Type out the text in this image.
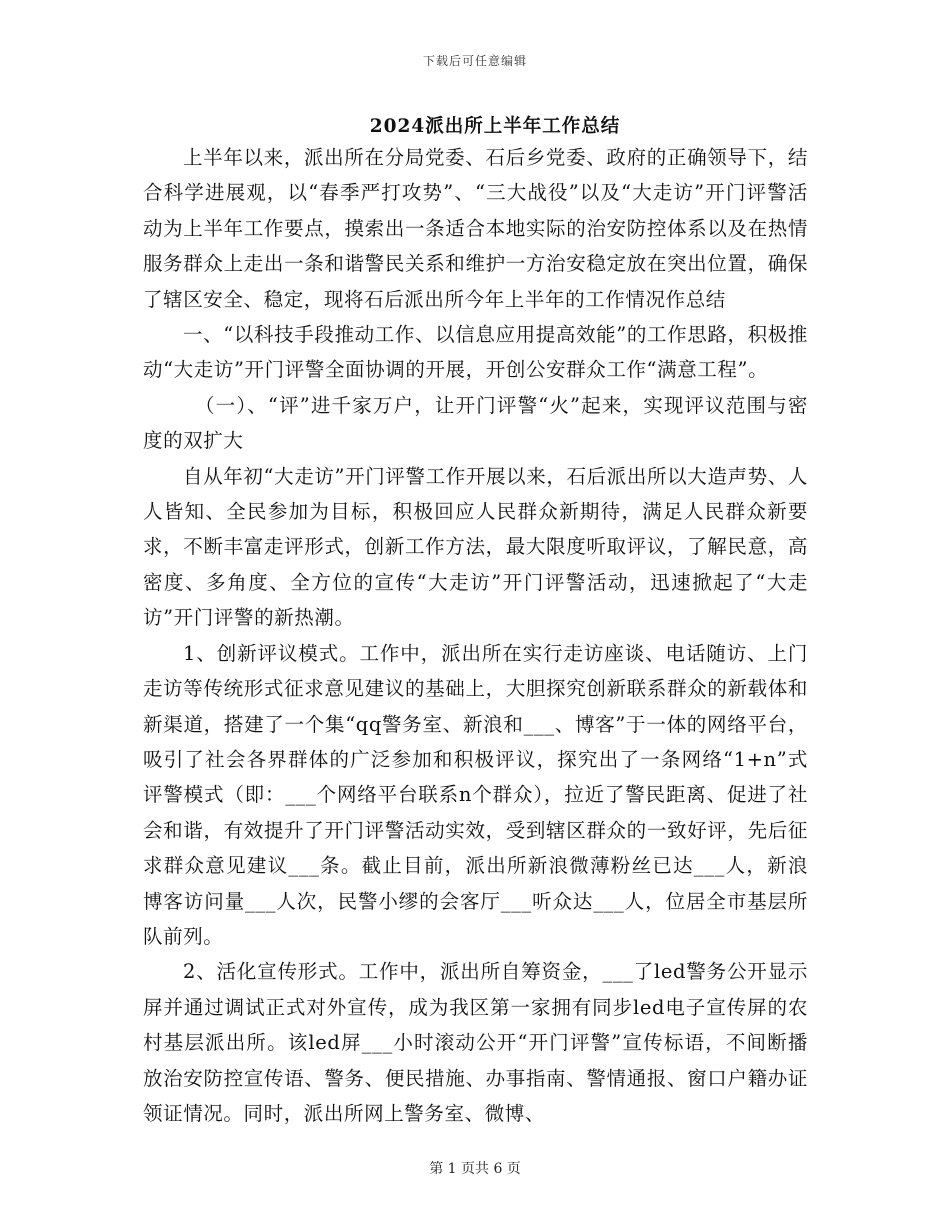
下载后可任意编辑
2024派出所上半年工作总结

上半年以来，派出所在分局党委、石后乡党委、政府的正确领导下，结合科学进展观，以“春季严打攻势”、“三大战役”以及“大走访”开门评警活动为上半年工作要点，摸索出一条适合本地实际的治安防控体系以及在热情服务群众上走出一条和谐警民关系和维护一方治安稳定放在突出位置，确保了辖区安全、稳定，现将石后派出所今年上半年的工作情况作总结

一、“以科技手段推动工作、以信息应用提高效能”的工作思路，积极推动“大走访”开门评警全面协调的开展，开创公安群众工作“满意工程”。

（一）、“评”进千家万户，让开门评警“火”起来，实现评议范围与密度的双扩大

自从年初“大走访”开门评警工作开展以来，石后派出所以大造声势、人人皆知、全民参加为目标，积极回应人民群众新期待，满足人民群众新要求，不断丰富走评形式，创新工作方法，最大限度听取评议，了解民意，高密度、多角度、全方位的宣传“大走访”开门评警活动，迅速掀起了“大走访”开门评警的新热潮。

1、创新评议模式。工作中，派出所在实行走访座谈、电话随访、上门走访等传统形式征求意见建议的基础上，大胆探究创新联系群众的新载体和新渠道，搭建了一个集“qq警务室、新浪和___、博客”于一体的网络平台，吸引了社会各界群体的广泛参加和积极评议，探究出了一条网络“1+n”式评警模式（即：___个网络平台联系n个群众），拉近了警民距离、促进了社会和谐，有效提升了开门评警活动实效，受到辖区群众的一致好评，先后征求群众意见建议___条。截止目前，派出所新浪微薄粉丝已达___人，新浪博客访问量___人次，民警小缪的会客厅___听众达___人，位居全市基层所队前列。

2、活化宣传形式。工作中，派出所自筹资金，___了led警务公开显示屏并通过调试正式对外宣传，成为我区第一家拥有同步led电子宣传屏的农村基层派出所。该led屏___小时滚动公开“开门评警”宣传标语，不间断播放治安防控宣传语、警务、便民措施、办事指南、警情通报、窗口户籍办证领证情况。同时，派出所网上警务室、微博、

第 1 页共 6 页
